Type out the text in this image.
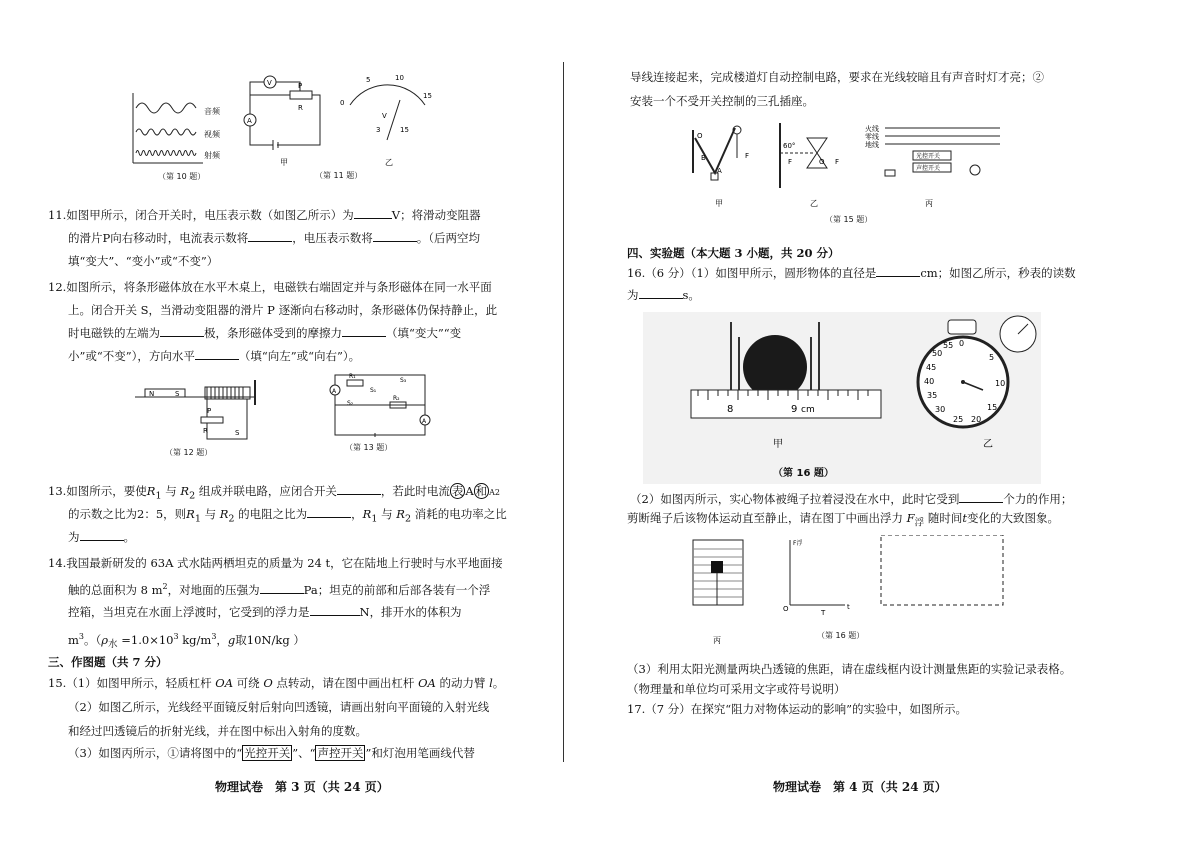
音频
视频
射频
（第 10 题）
A
V	P
R
甲
0
5	10
15
V
3	15
乙
（第 11 题）
11.如图甲所示，闭合开关时，电压表示数（如图乙所示）为	V；将滑动变阻器
的滑片P向右移动时，电流表示数将	，电压表示数将	。（后两空均
填“变大”、“变小”或“不变”）
12.如图所示，将条形磁体放在水平木桌上，电磁铁右端固定并与条形磁体在同一水平面
上。闭合开关 S，当滑动变阻器的滑片 P 逐渐向右移动时，条形磁体仍保持静止，此
时电磁铁的左端为	极，条形磁体受到的摩擦力	（填“变大”“变
小”或“不变”），方向水平	（填“向左”或“向右”）。
N	S
P
R	S
（第 12 题）
A
A
R₁
S₁
S₂
S₃
R₂
（第 13 题）
13.如图所示，要使$R_1$ 与 $R_2$ 组成并联电路，应闭合开关	，若此时电流 表 A 和 A2
的示数之比为2：5，则$R_1$ 与 $R_2$ 的电阻之比为	，$R_1$ 与 $R_2$ 消耗的电功率之比
为	。
14.我国最新研发的 63A 式水陆两栖坦克的质量为 24 t，它在陆地上行驶时与水平地面接
触的总面积为 8 $m^2$，对地面的压强为	Pa；坦克的前部和后部各装有一个浮
控箱，当坦克在水面上浮渡时，它受到的浮力是	N，排开水的体积为
$m^3$。（$\rho_水 =1.0\times 10^3$ $kg/m^3$，g取10N/kg ）
三、作图题（共 7 分）
15.（1）如图甲所示，轻质杠杆 OA 可绕 O 点转动，请在图中画出杠杆 OA 的动力臂 l。
（2）如图乙所示，光线经平面镜反射后射向凹透镜，请画出射向平面镜的入射光线
和经过凹透镜后的折射光线，并在图中标出入射角的度数。
（3）如图丙所示，①请将图中的“ 光控开关 ”、“ 声控开关 ”和灯泡用笔画线代替
物理试卷　第 3 页（共 24 页）
导线连接起来，完成楼道灯自动控制电路，要求在光线较暗且有声音时灯才亮；②
安装一个不受开关控制的三孔插座。
O
A
B	F
甲
60°
F	O F
乙
火线
零线
地线
光控开关
声控开关
丙
（第 15 题）
四、实验题（本大题 3 小题，共 20 分）
16.（6 分）（1）如图甲所示，圆形物体的直径是	cm；如图乙所示，秒表的读数
为	s。
8	9 cm
甲
0
5
10
15
20
25
30
35
40
45
50
55
乙
（第 16 题）
（2）如图丙所示，实心物体被绳子拉着浸没在水中，此时它受到	个力的作用；
剪断绳子后该物体运动直至静止，请在图丁中画出浮力 $F_浮$ 随时间t变化的大致图象。
丙
F浮
O	T
t
（第 16 题）
（3）利用太阳光测量两块凸透镜的焦距，请在虚线框内设计测量焦距的实验记录表格。
（物理量和单位均可采用文字或符号说明）
17.（7 分）在探究“阻力对物体运动的影响”的实验中，如图所示。
物理试卷　第 4 页（共 24 页）
